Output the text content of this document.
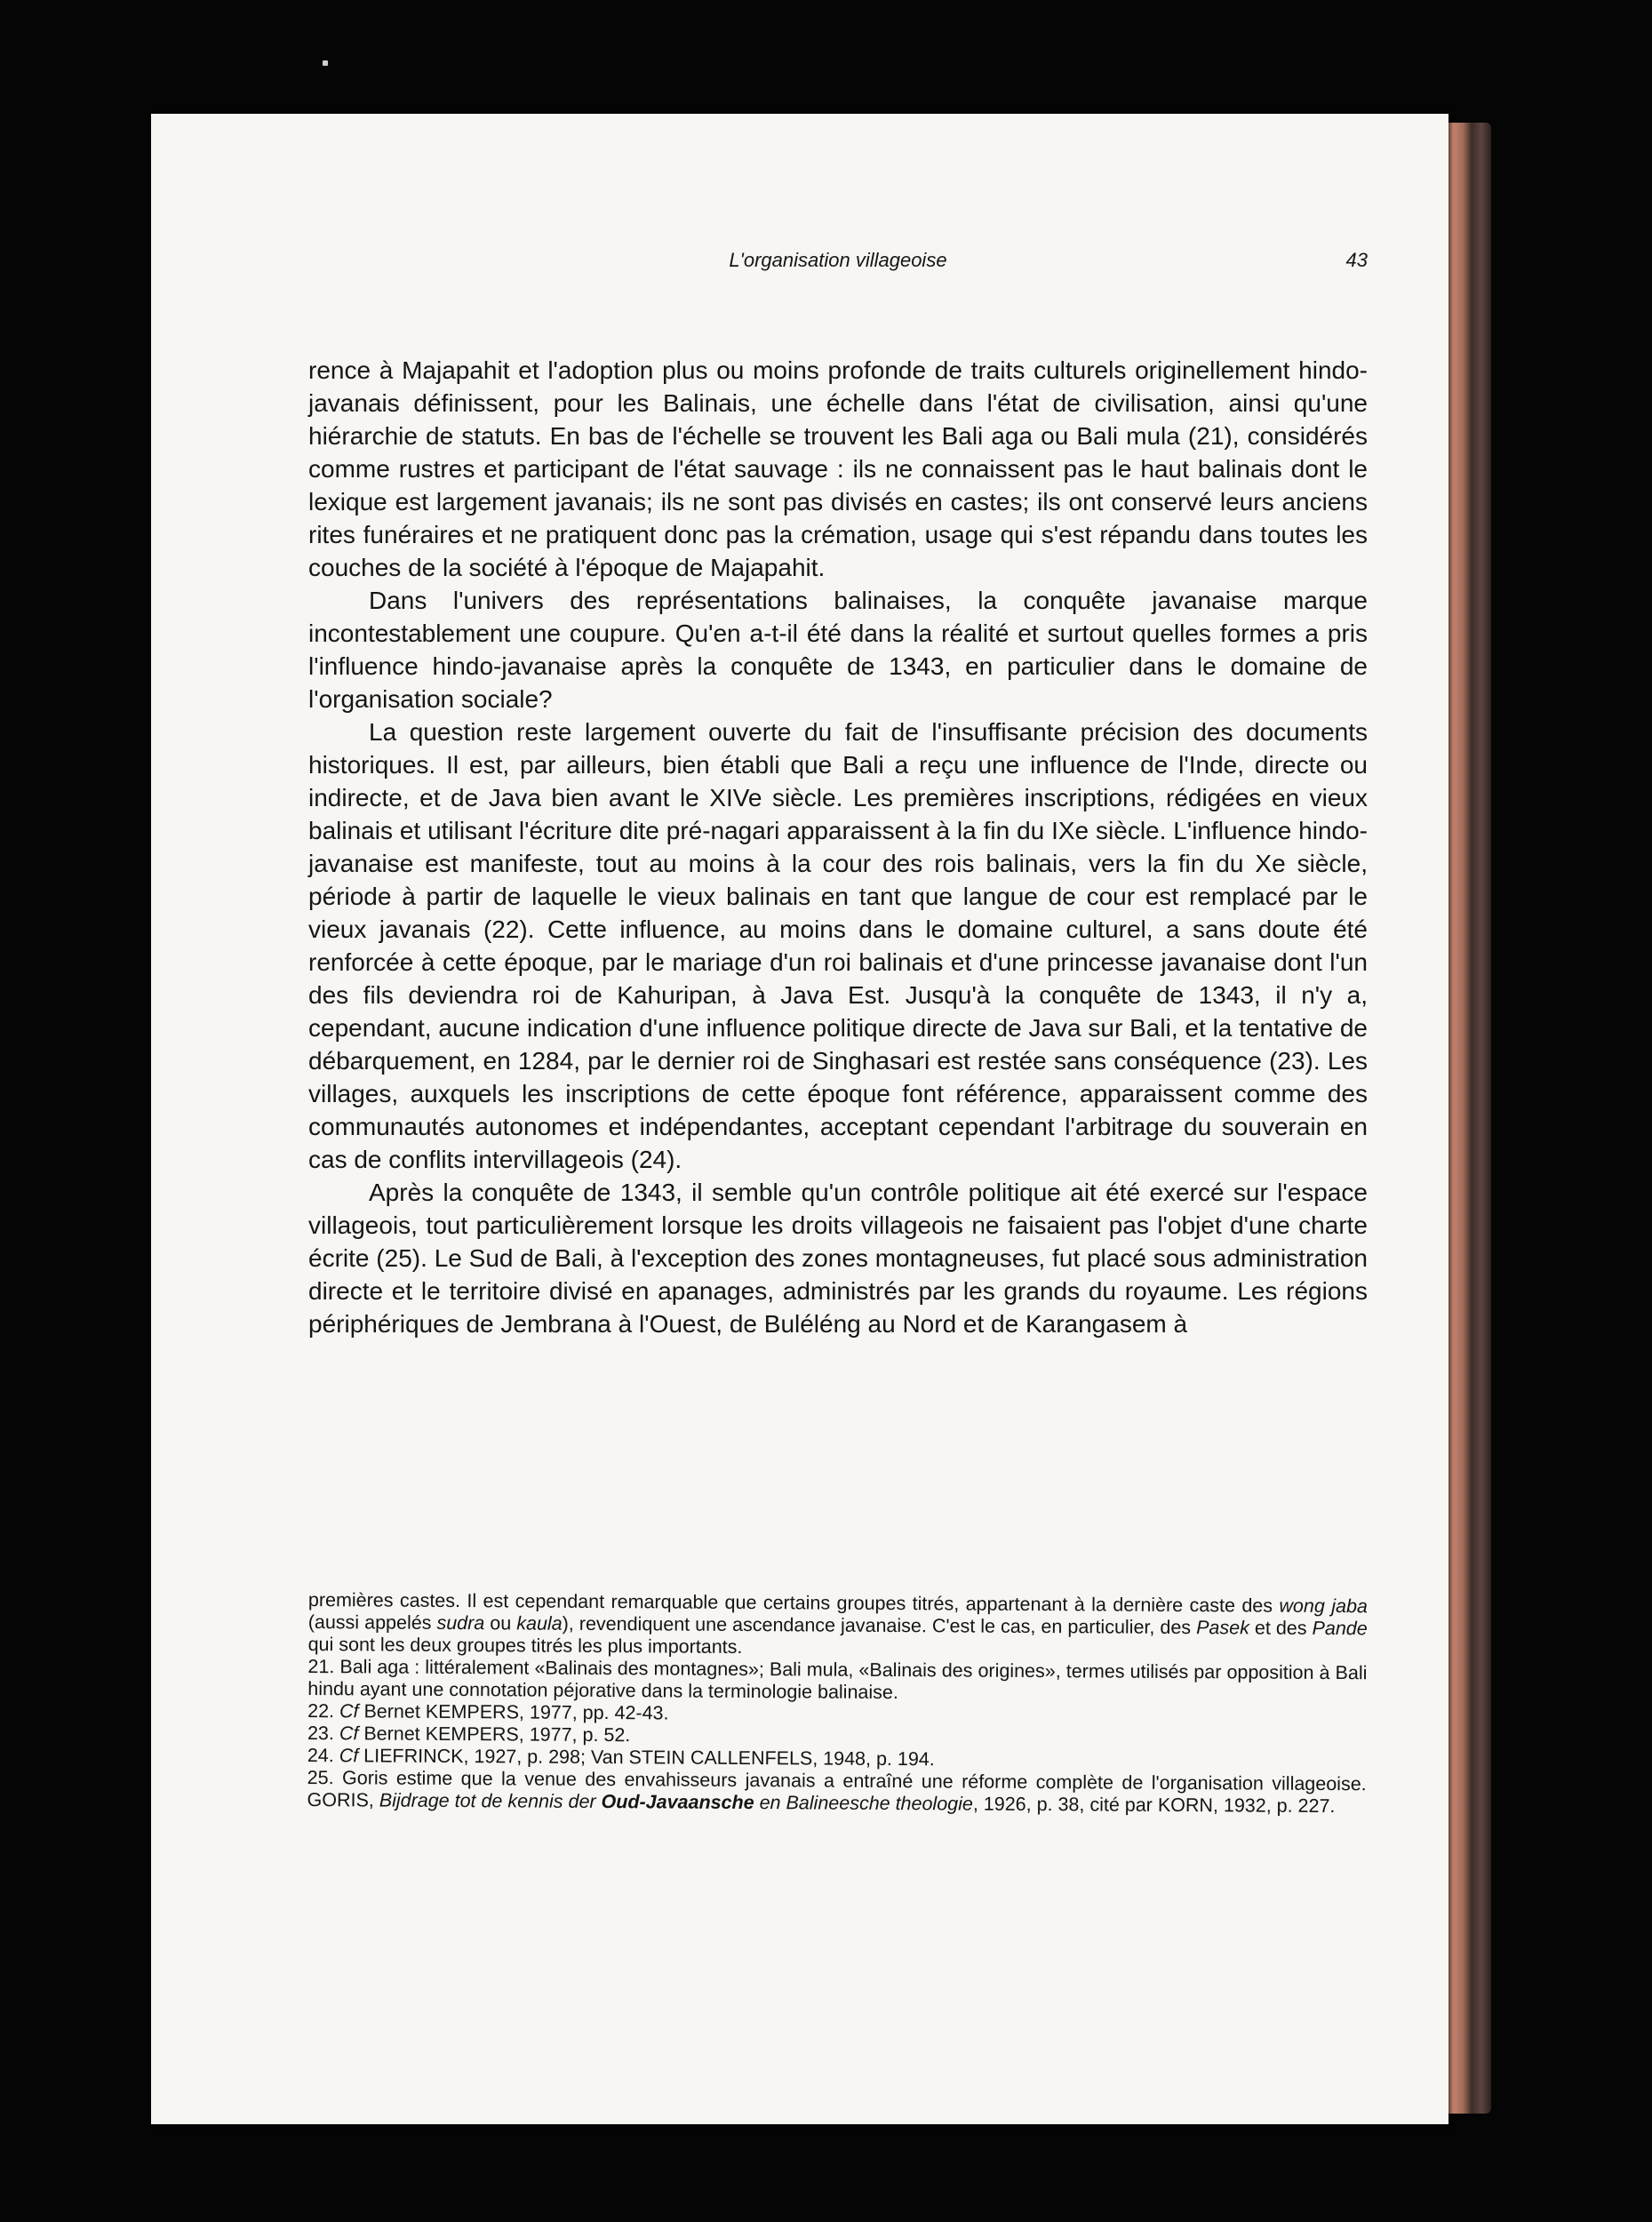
L'organisation villageoise	43

rence à Majapahit et l'adoption plus ou moins profonde de traits culturels originellement hindo-javanais définissent, pour les Balinais, une échelle dans l'état de civilisation, ainsi qu'une hiérarchie de statuts. En bas de l'échelle se trouvent les Bali aga ou Bali mula (21), considérés comme rustres et participant de l'état sauvage : ils ne connaissent pas le haut balinais dont le lexique est largement javanais; ils ne sont pas divisés en castes; ils ont conservé leurs anciens rites funéraires et ne pratiquent donc pas la crémation, usage qui s'est répandu dans toutes les couches de la société à l'époque de Majapahit.

Dans l'univers des représentations balinaises, la conquête javanaise marque incontestablement une coupure. Qu'en a-t-il été dans la réalité et surtout quelles formes a pris l'influence hindo-javanaise après la conquête de 1343, en particulier dans le domaine de l'organisation sociale?

La question reste largement ouverte du fait de l'insuffisante précision des documents historiques. Il est, par ailleurs, bien établi que Bali a reçu une influence de l'Inde, directe ou indirecte, et de Java bien avant le XIVe siècle. Les premières inscriptions, rédigées en vieux balinais et utilisant l'écriture dite pré-nagari apparaissent à la fin du IXe siècle. L'influence hindo-javanaise est manifeste, tout au moins à la cour des rois balinais, vers la fin du Xe siècle, période à partir de laquelle le vieux balinais en tant que langue de cour est remplacé par le vieux javanais (22). Cette influence, au moins dans le domaine culturel, a sans doute été renforcée à cette époque, par le mariage d'un roi balinais et d'une princesse javanaise dont l'un des fils deviendra roi de Kahuripan, à Java Est. Jusqu'à la conquête de 1343, il n'y a, cependant, aucune indication d'une influence politique directe de Java sur Bali, et la tentative de débarquement, en 1284, par le dernier roi de Singhasari est restée sans conséquence (23). Les villages, auxquels les inscriptions de cette époque font référence, apparaissent comme des communautés autonomes et indépendantes, acceptant cependant l'arbitrage du souverain en cas de conflits intervillageois (24).

Après la conquête de 1343, il semble qu'un contrôle politique ait été exercé sur l'espace villageois, tout particulièrement lorsque les droits villageois ne faisaient pas l'objet d'une charte écrite (25). Le Sud de Bali, à l'exception des zones montagneuses, fut placé sous administration directe et le territoire divisé en apanages, administrés par les grands du royaume. Les régions périphériques de Jembrana à l'Ouest, de Buléléng au Nord et de Karangasem à

premières castes. Il est cependant remarquable que certains groupes titrés, appartenant à la dernière caste des wong jaba (aussi appelés sudra ou kaula), revendiquent une ascendance javanaise. C'est le cas, en particulier, des Pasek et des Pande qui sont les deux groupes titrés les plus importants.

21. Bali aga : littéralement «Balinais des montagnes»; Bali mula, «Balinais des origines», termes utilisés par opposition à Bali hindu ayant une connotation péjorative dans la terminologie balinaise.

22. Cf Bernet KEMPERS, 1977, pp. 42-43.

23. Cf Bernet KEMPERS, 1977, p. 52.

24. Cf LIEFRINCK, 1927, p. 298; Van STEIN CALLENFELS, 1948, p. 194.

25. Goris estime que la venue des envahisseurs javanais a entraîné une réforme complète de l'organisation villageoise. GORIS, Bijdrage tot de kennis der Oud-Javaansche en Balineesche theologie, 1926, p. 38, cité par KORN, 1932, p. 227.
